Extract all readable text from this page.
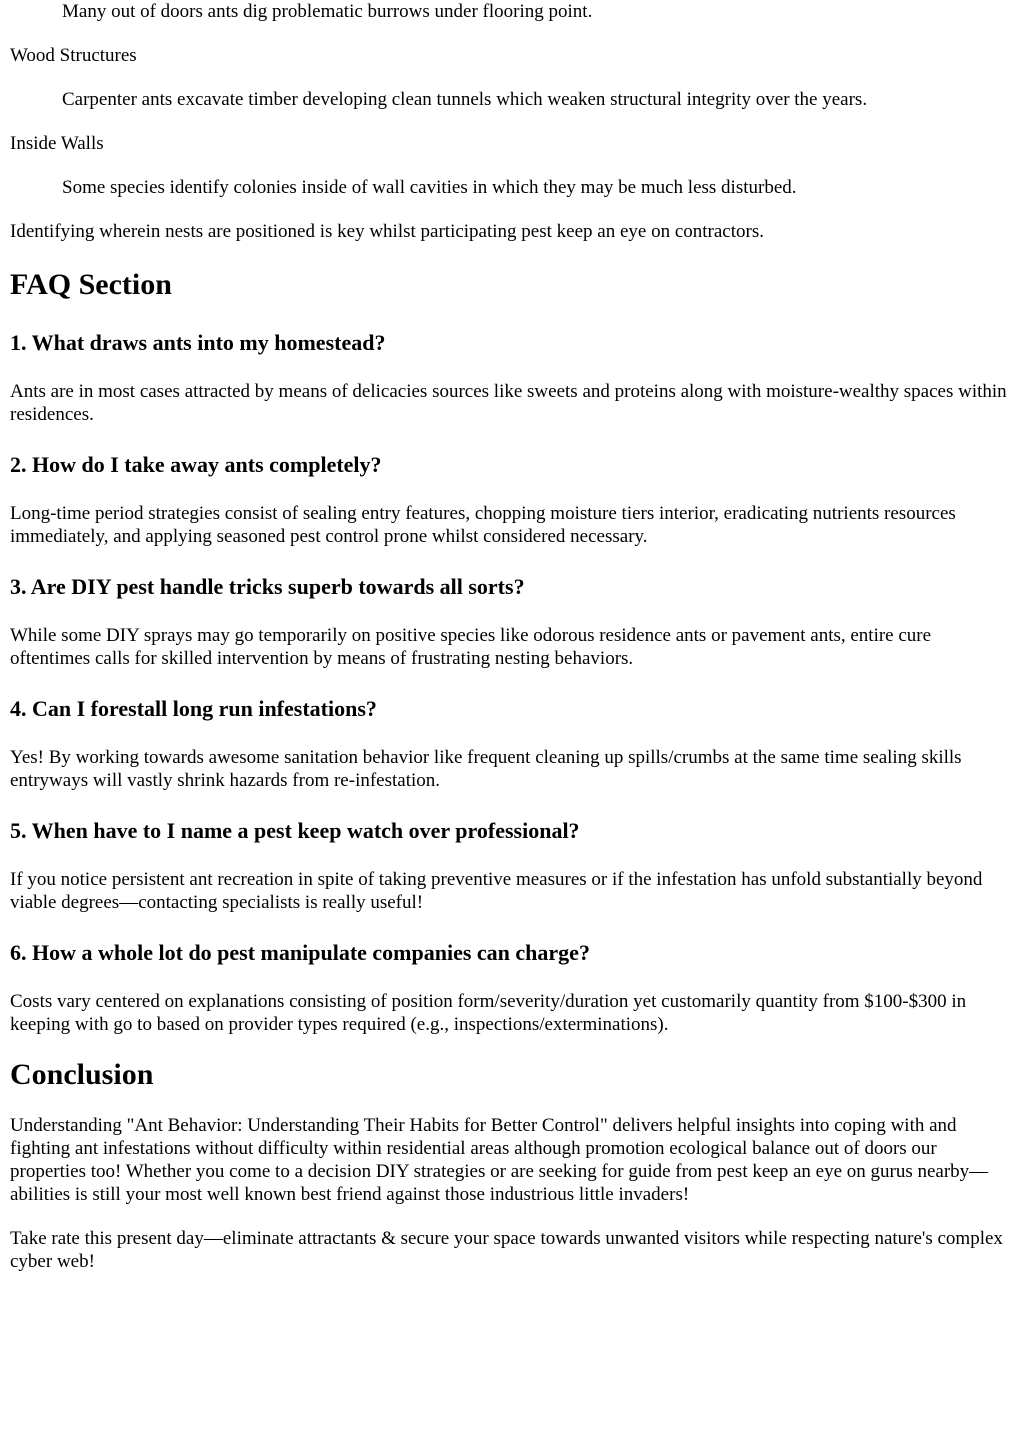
Many out of doors ants dig problematic burrows under flooring point.
Wood Structures
Carpenter ants excavate timber developing clean tunnels which weaken structural integrity over the years.
Inside Walls
Some species identify colonies inside of wall cavities in which they may be much less disturbed.

Identifying wherein nests are positioned is key whilst participating pest keep an eye on contractors.

FAQ Section
1. What draws ants into my homestead?

Ants are in most cases attracted by means of delicacies sources like sweets and proteins along with moisture-wealthy spaces within residences.

2. How do I take away ants completely?

Long-time period strategies consist of sealing entry features, chopping moisture tiers interior, eradicating nutrients resources immediately, and applying seasoned pest control prone whilst considered necessary.

3. Are DIY pest handle tricks superb towards all sorts?

While some DIY sprays may go temporarily on positive species like odorous residence ants or pavement ants, entire cure oftentimes calls for skilled intervention by means of frustrating nesting behaviors.

4. Can I forestall long run infestations?

Yes! By working towards awesome sanitation behavior like frequent cleaning up spills/crumbs at the same time sealing skills entryways will vastly shrink hazards from re-infestation.

5. When have to I name a pest keep watch over professional?

If you notice persistent ant recreation in spite of taking preventive measures or if the infestation has unfold substantially beyond viable degrees—contacting specialists is really useful!

6. How a whole lot do pest manipulate companies can charge?

Costs vary centered on explanations consisting of position form/severity/duration yet customarily quantity from $100-$300 in keeping with go to based on provider types required (e.g., inspections/exterminations).

Conclusion

Understanding "Ant Behavior: Understanding Their Habits for Better Control" delivers helpful insights into coping with and fighting ant infestations without difficulty within residential areas although promotion ecological balance out of doors our properties too! Whether you come to a decision DIY strategies or are seeking for guide from pest keep an eye on gurus nearby—abilities is still your most well known best friend against those industrious little invaders!

Take rate this present day—eliminate attractants & secure your space towards unwanted visitors while respecting nature's complex cyber web!
